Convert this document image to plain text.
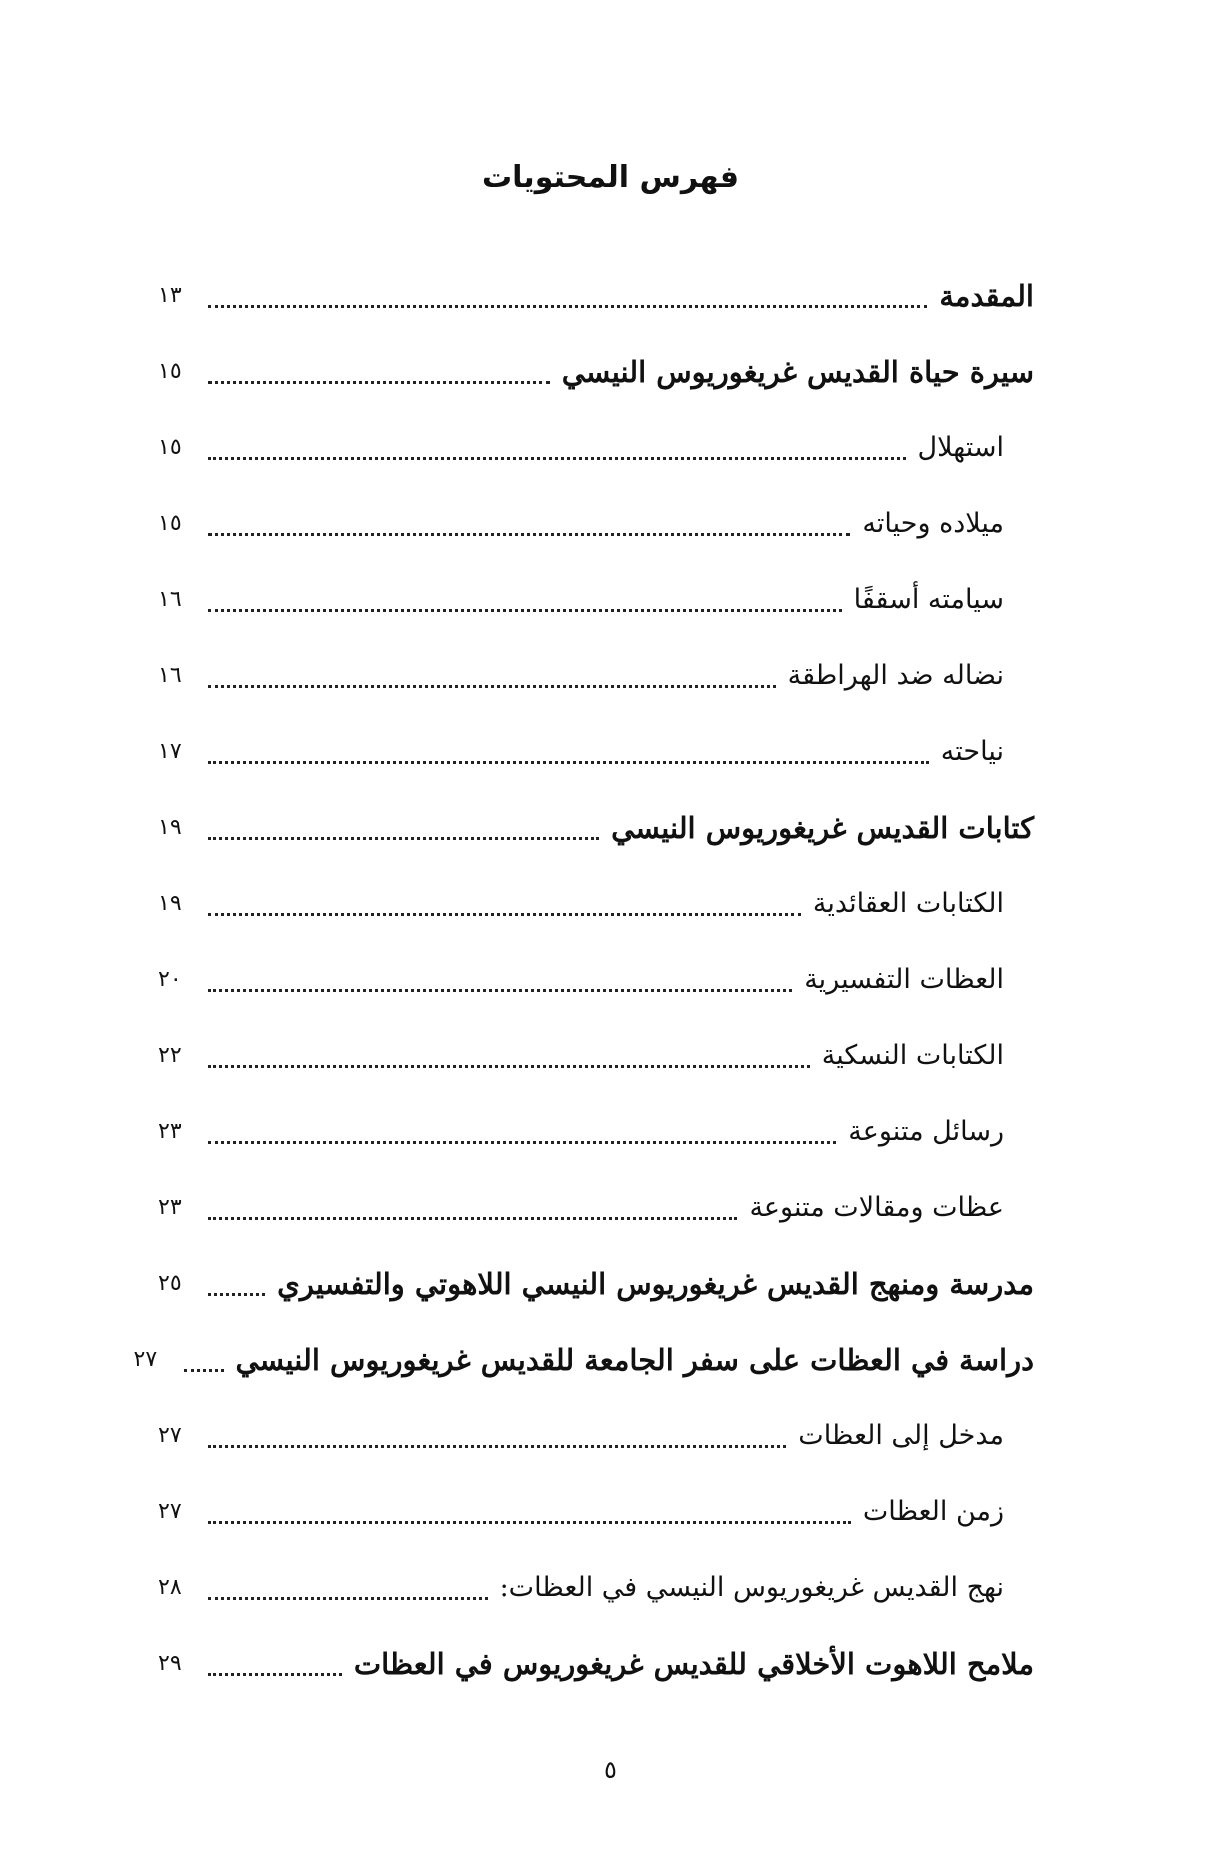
فهرس المحتويات
المقدمة
١٣
سيرة حياة القديس غريغوريوس النيسي
١٥
استهلال
١٥
ميلاده وحياته
١٥
سيامته أسقفًا
١٦
نضاله ضد الهراطقة
١٦
نياحته
١٧
كتابات القديس غريغوريوس النيسي
١٩
الكتابات العقائدية
١٩
العظات التفسيرية
٢٠
الكتابات النسكية
٢٢
رسائل متنوعة
٢٣
عظات ومقالات متنوعة
٢٣
مدرسة ومنهج القديس غريغوريوس النيسي اللاهوتي والتفسيري
٢٥
دراسة في العظات على سفر الجامعة للقديس غريغوريوس النيسي
٢٧
مدخل إلى العظات
٢٧
زمن العظات
٢٧
نهج القديس غريغوريوس النيسي في العظات:
٢٨
ملامح اللاهوت الأخلاقي للقديس غريغوريوس في العظات
٢٩
٥
